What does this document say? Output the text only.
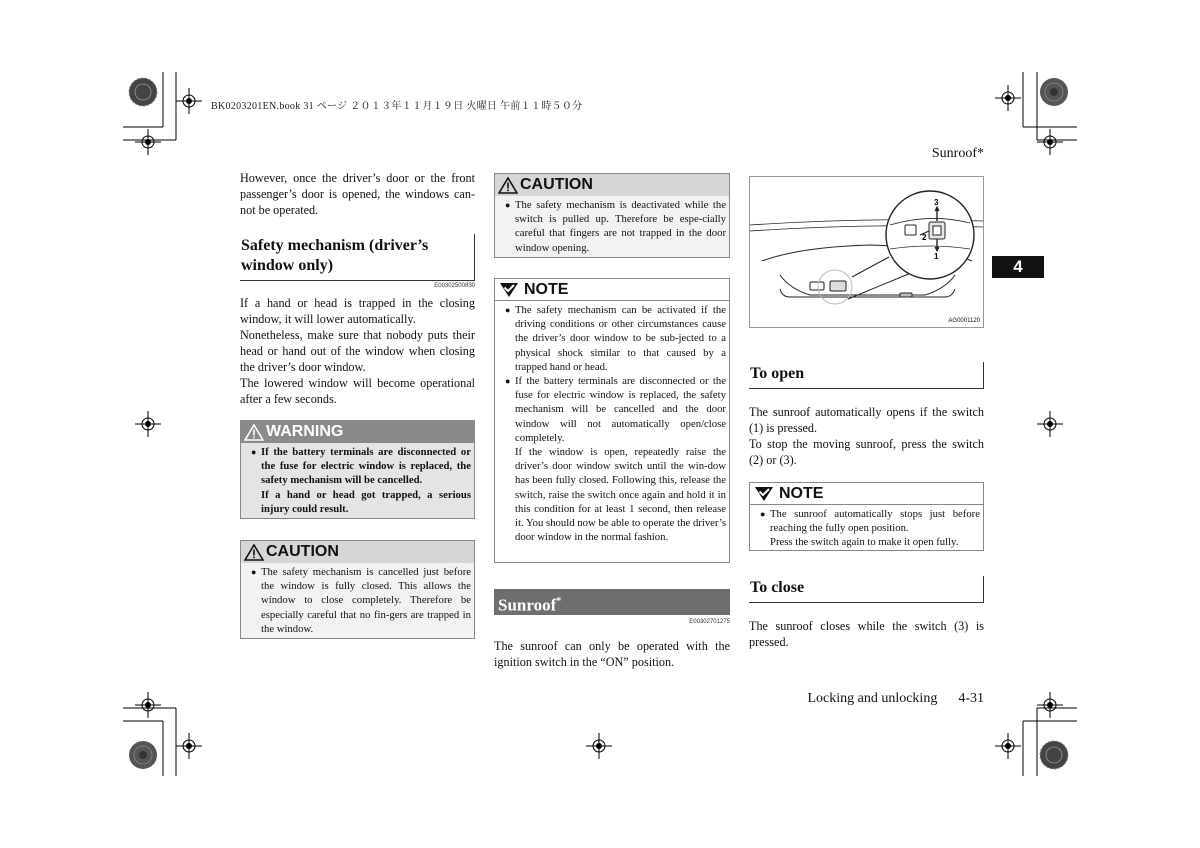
BK0203201EN.book 31 ページ ２０１３年１１月１９日 火曜日 午前１１時５０分
Sunroof*
4

However, once the driver’s door or the front passenger’s door is opened, the windows can-not be operated.

Safety mechanism (driver’s window only)
E00302500830

If a hand or head is trapped in the closing window, it will lower automatically.

Nonetheless, make sure that nobody puts their head or hand out of the window when closing the driver’s door window.

The lowered window will become operational after a few seconds.

WARNING
● If the battery terminals are disconnected or the fuse for electric window is replaced, the safety mechanism will be cancelled.
If a hand or head got trapped, a serious injury could result.
CAUTION
● The safety mechanism is cancelled just before the window is fully closed. This allows the window to close completely. Therefore be especially careful that no fin-gers are trapped in the window.
CAUTION
● The safety mechanism is deactivated while the switch is pulled up. Therefore be espe-cially careful that fingers are not trapped in the door window opening.
NOTE
● The safety mechanism can be activated if the driving conditions or other circumstances cause the driver’s door window to be sub-jected to a physical shock similar to that caused by a trapped hand or head.
● If the battery terminals are disconnected or the fuse for electric window is replaced, the safety mechanism will be cancelled and the door window will not automatically open/close completely.
If the window is open, repeatedly raise the driver’s door window switch until the win-dow has been fully closed. Following this, release the switch, raise the switch once again and hold it in this condition for at least 1 second, then release it. You should now be able to operate the driver’s door window in the normal fashion.
Sunroof*
E00302701275

The sunroof can only be operated with the ignition switch in the “ON” position.

3
2
1
AG0001120
To open

The sunroof automatically opens if the switch (1) is pressed.

To stop the moving sunroof, press the switch (2) or (3).

NOTE
● The sunroof automatically stops just before reaching the fully open position.
Press the switch again to make it open fully.
To close

The sunroof closes while the switch (3) is pressed.

Locking and unlocking 4-31
